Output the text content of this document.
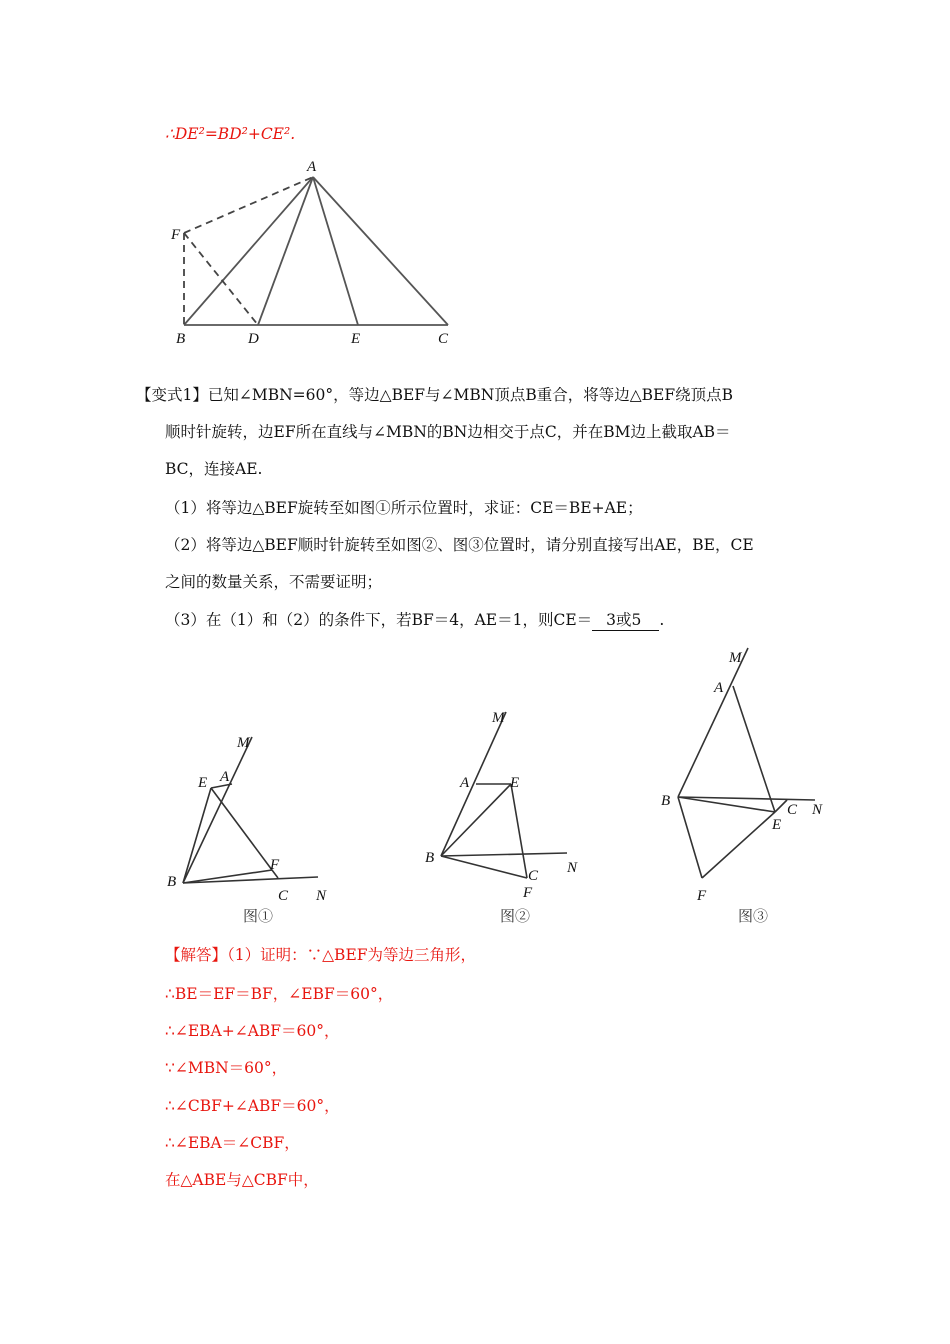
∴DE²=BD²+CE².
A
F
B	D	E	C
【变式1】已知∠MBN=60°，等边△BEF与∠MBN顶点B重合，将等边△BEF绕顶点B
顺时针旋转，边EF所在直线与∠MBN的BN边相交于点C，并在BM边上截取AB＝
BC，连接AE.
（1）将等边△BEF旋转至如图①所示位置时，求证：CE＝BE+AE；
（2）将等边△BEF顺时针旋转至如图②、图③位置时，请分别直接写出AE，BE，CE
之间的数量关系，不需要证明；
（3）在（1）和（2）的条件下，若BF＝4，AE＝1，则CE＝ 3或5 .
M
E A
F
B
C N
图①
M
A	E
B
C N
F
图②
M
A
B
C N
E
F
图③
【解答】（1）证明：∵△BEF为等边三角形，
∴BE＝EF＝BF，∠EBF＝60°，
∴∠EBA+∠ABF＝60°，
∵∠MBN＝60°，
∴∠CBF+∠ABF＝60°，
∴∠EBA＝∠CBF，
在△ABE与△CBF中，
